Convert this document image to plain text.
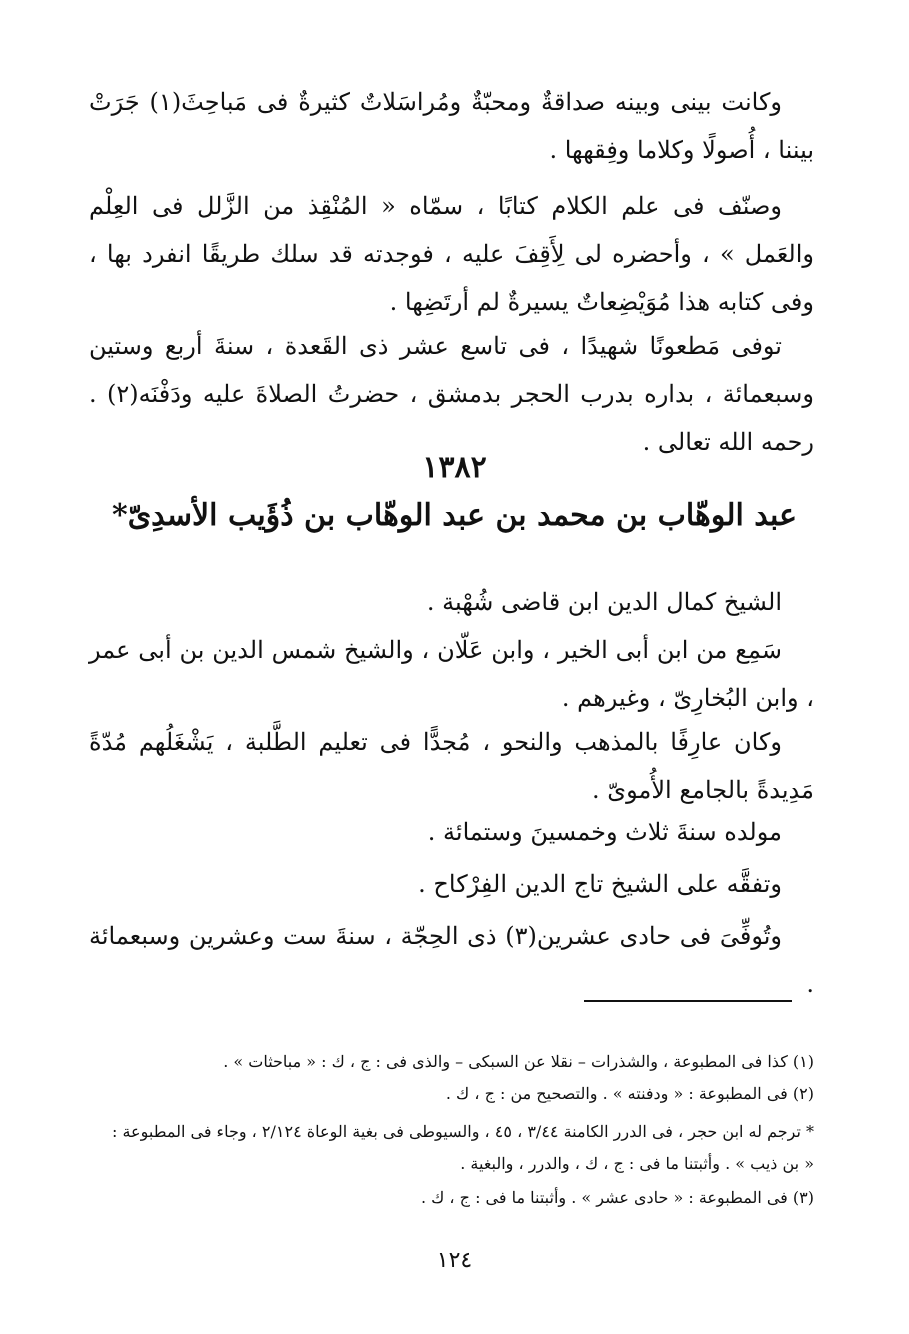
وكانت بينى وبينه صداقةٌ ومحبّةٌ ومُراسَلاتٌ كثيرةٌ فى مَباحِثَ(١) جَرَتْ بيننا ، أُصولًا وكلاما وفِقهها .

وصنّف فى علم الكلام كتابًا ، سمّاه « المُنْقِذ من الزَّلل فى العِلْم والعَمل » ، وأحضره لى لِأَقِفَ عليه ، فوجدته قد سلك طريقًا انفرد بها ، وفى كتابه هذا مُوَيْضِعاتٌ يسيرةٌ لم أرتَضِها .

توفى مَطعونًا شهيدًا ، فى تاسع عشر ذى القَعدة ، سنةَ أربع وستين وسبعمائة ، بداره بدرب الحجر بدمشق ، حضرتُ الصلاةَ عليه ودَفْنَه(٢) . رحمه الله تعالى .

١٣٨٢
عبد الوهّاب بن محمد بن عبد الوهّاب بن ذُؤَيب الأسدِىّ*

الشيخ كمال الدين ابن قاضى شُهْبة .

سَمِع من ابن أبى الخير ، وابن عَلّان ، والشيخ شمس الدين بن أبى عمر ، وابن البُخارِىّ ، وغيرهم .

وكان عارِفًا بالمذهب والنحو ، مُجدًّا فى تعليم الطَّلبة ، يَشْغَلُهم مُدّةً مَدِيدةً بالجامع الأُموىّ .

مولده سنةَ ثلاث وخمسينَ وستمائة .

وتفقَّه على الشيخ تاج الدين الفِرْكاح .

وتُوفِّىَ فى حادى عشرين(٣) ذى الحِجّة ، سنةَ ست وعشرين وسبعمائة .

(١) كذا فى المطبوعة ، والشذرات – نقلا عن السبكى – والذى فى : ج ، ك : « مباحثات » .
(٢) فى المطبوعة : « ودفنته » . والتصحيح من : ج ، ك .
* ترجم له ابن حجر ، فى الدرر الكامنة ٣/٤٤ ، ٤٥ ، والسيوطى فى بغية الوعاة ٢/١٢٤ ، وجاء فى المطبوعة :
« بن ذيب » . وأثبتنا ما فى : ج ، ك ، والدرر ، والبغية .
(٣) فى المطبوعة : « حادى عشر » . وأثبتنا ما فى : ج ، ك .
١٢٤
